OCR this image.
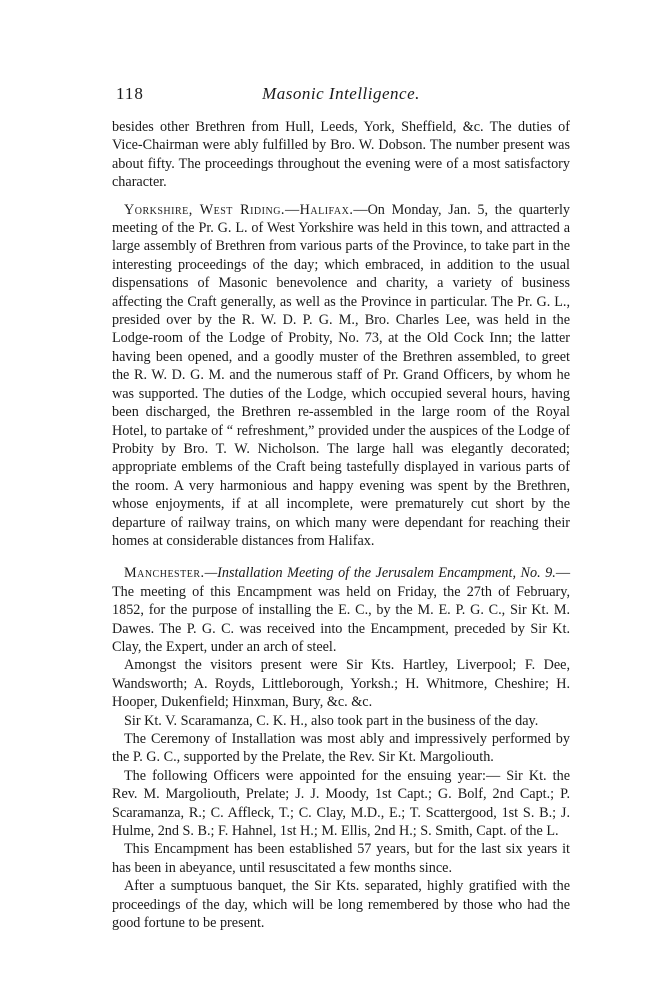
118	Masonic Intelligence.

besides other Brethren from Hull, Leeds, York, Sheffield, &c. The duties of Vice-Chairman were ably fulfilled by Bro. W. Dobson. The number present was about fifty. The proceedings throughout the evening were of a most satisfactory character.

Yorkshire, West Riding.—Halifax.—On Monday, Jan. 5, the quarterly meeting of the Pr. G. L. of West Yorkshire was held in this town, and attracted a large assembly of Brethren from various parts of the Province, to take part in the interesting proceedings of the day; which embraced, in addition to the usual dispensations of Masonic benevolence and charity, a variety of business affecting the Craft generally, as well as the Province in particular. The Pr. G. L., presided over by the R. W. D. P. G. M., Bro. Charles Lee, was held in the Lodge-room of the Lodge of Probity, No. 73, at the Old Cock Inn; the latter having been opened, and a goodly muster of the Brethren assembled, to greet the R. W. D. G. M. and the numerous staff of Pr. Grand Officers, by whom he was supported. The duties of the Lodge, which occupied several hours, having been discharged, the Brethren re-assembled in the large room of the Royal Hotel, to partake of “ refreshment,” provided under the auspices of the Lodge of Probity by Bro. T. W. Nicholson. The large hall was elegantly decorated; appropriate emblems of the Craft being tastefully displayed in various parts of the room. A very harmonious and happy evening was spent by the Brethren, whose enjoyments, if at all incomplete, were prematurely cut short by the departure of railway trains, on which many were dependant for reaching their homes at considerable distances from Halifax.

Manchester.—Installation Meeting of the Jerusalem Encampment, No. 9.—The meeting of this Encampment was held on Friday, the 27th of February, 1852, for the purpose of installing the E. C., by the M. E. P. G. C., Sir Kt. M. Dawes. The P. G. C. was received into the Encampment, preceded by Sir Kt. Clay, the Expert, under an arch of steel.

Amongst the visitors present were Sir Kts. Hartley, Liverpool; F. Dee, Wandsworth; A. Royds, Littleborough, Yorksh.; H. Whitmore, Cheshire; H. Hooper, Dukenfield; Hinxman, Bury, &c. &c.

Sir Kt. V. Scaramanza, C. K. H., also took part in the business of the day.

The Ceremony of Installation was most ably and impressively performed by the P. G. C., supported by the Prelate, the Rev. Sir Kt. Margoliouth.

The following Officers were appointed for the ensuing year:— Sir Kt. the Rev. M. Margoliouth, Prelate; J. J. Moody, 1st Capt.; G. Bolf, 2nd Capt.; P. Scaramanza, R.; C. Affleck, T.; C. Clay, M.D., E.; T. Scattergood, 1st S. B.; J. Hulme, 2nd S. B.; F. Hahnel, 1st H.; M. Ellis, 2nd H.; S. Smith, Capt. of the L.

This Encampment has been established 57 years, but for the last six years it has been in abeyance, until resuscitated a few months since.

After a sumptuous banquet, the Sir Kts. separated, highly gratified with the proceedings of the day, which will be long remembered by those who had the good fortune to be present.
